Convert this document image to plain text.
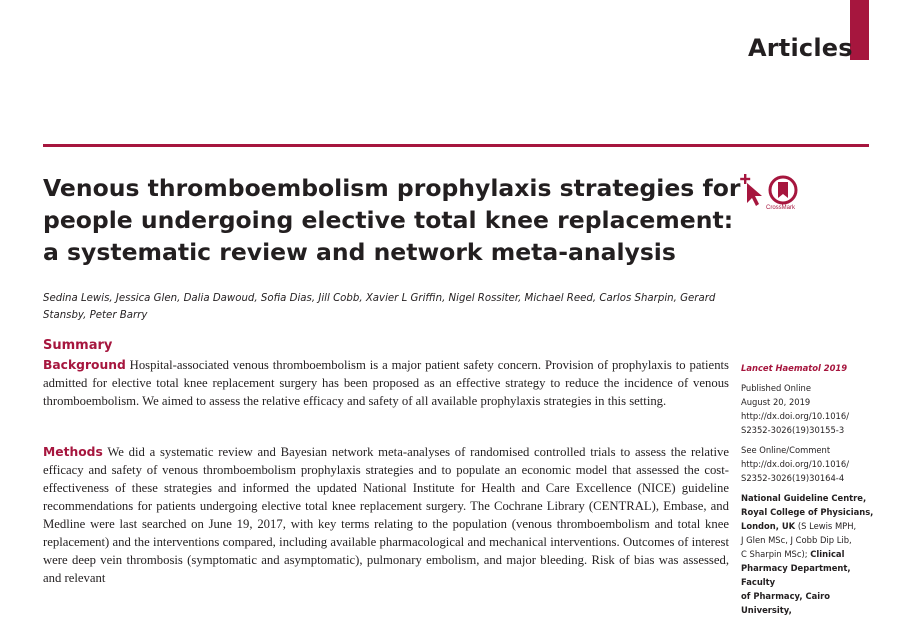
Articles
Venous thromboembolism prophylaxis strategies for people undergoing elective total knee replacement: a systematic review and network meta-analysis
CrossMark

Sedina Lewis, Jessica Glen, Dalia Dawoud, Sofia Dias, Jill Cobb, Xavier L Griffin, Nigel Rossiter, Michael Reed, Carlos Sharpin, Gerard Stansby, Peter Barry

Summary

Background Hospital-associated venous thromboembolism is a major patient safety concern. Provision of prophylaxis to patients admitted for elective total knee replacement surgery has been proposed as an effective strategy to reduce the incidence of venous thromboembolism. We aimed to assess the relative efficacy and safety of all available prophylaxis strategies in this setting.

Methods We did a systematic review and Bayesian network meta-analyses of randomised controlled trials to assess the relative efficacy and safety of venous thromboembolism prophylaxis strategies and to populate an economic model that assessed the cost-effectiveness of these strategies and informed the updated National Institute for Health and Care Excellence (NICE) guideline recommendations for patients undergoing elective total knee replacement surgery. The Cochrane Library (CENTRAL), Embase, and Medline were last searched on June 19, 2017, with key terms relating to the population (venous thromboembolism and total knee replacement) and the interventions compared, including available pharmacological and mechanical interventions. Outcomes of interest were deep vein thrombosis (symptomatic and asymptomatic), pulmonary embolism, and major bleeding. Risk of bias was assessed, and relevant

Lancet Haematol 2019
Published Online
August 20, 2019
http://dx.doi.org/10.1016/
S2352-3026(19)30155-3
See Online/Comment
http://dx.doi.org/10.1016/
S2352-3026(19)30164-4
National Guideline Centre,
Royal College of Physicians,
London, UK (S Lewis MPH,
J Glen MSc, J Cobb Dip Lib,
C Sharpin MSc); Clinical
Pharmacy Department, Faculty
of Pharmacy, Cairo University,
